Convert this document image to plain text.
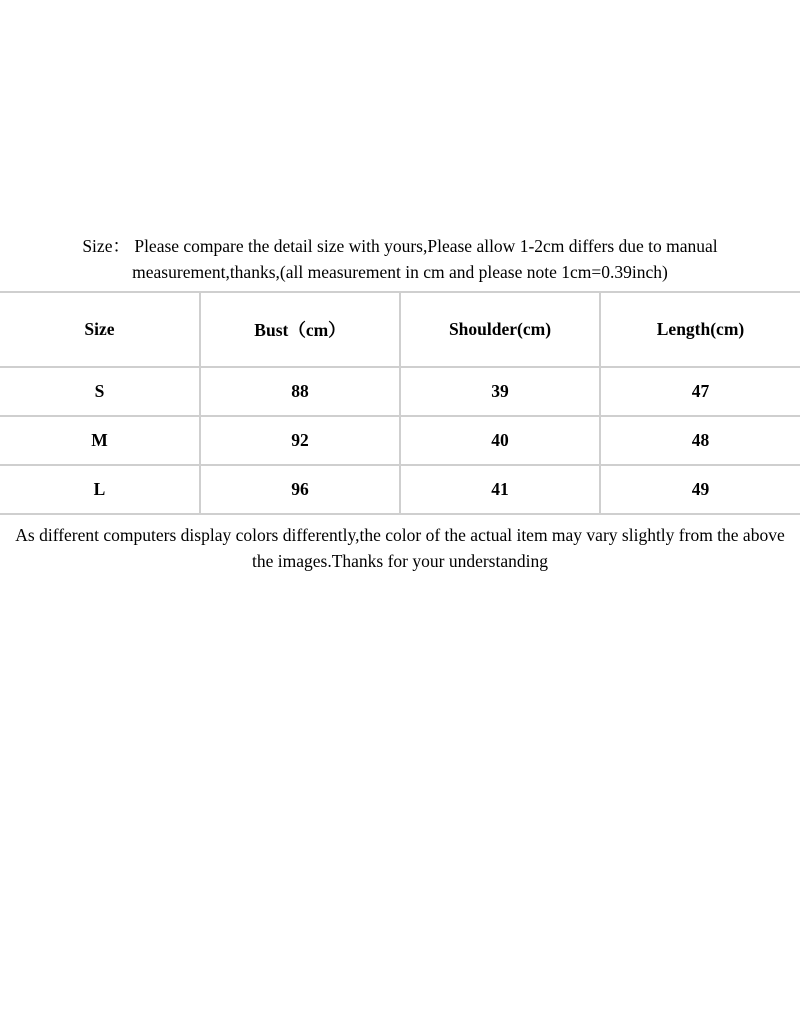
Size： Please compare the detail size with yours,Please allow 1-2cm differs due to manual
measurement,thanks,(all measurement in cm and please note 1cm=0.39inch)
Size	Bust（cm）	Shoulder(cm)	Length(cm)
S	88	39	47
M	92	40	48
L	96	41	49
As different computers display colors differently,the color of the actual item may vary slightly from the above
the images.Thanks for your understanding
